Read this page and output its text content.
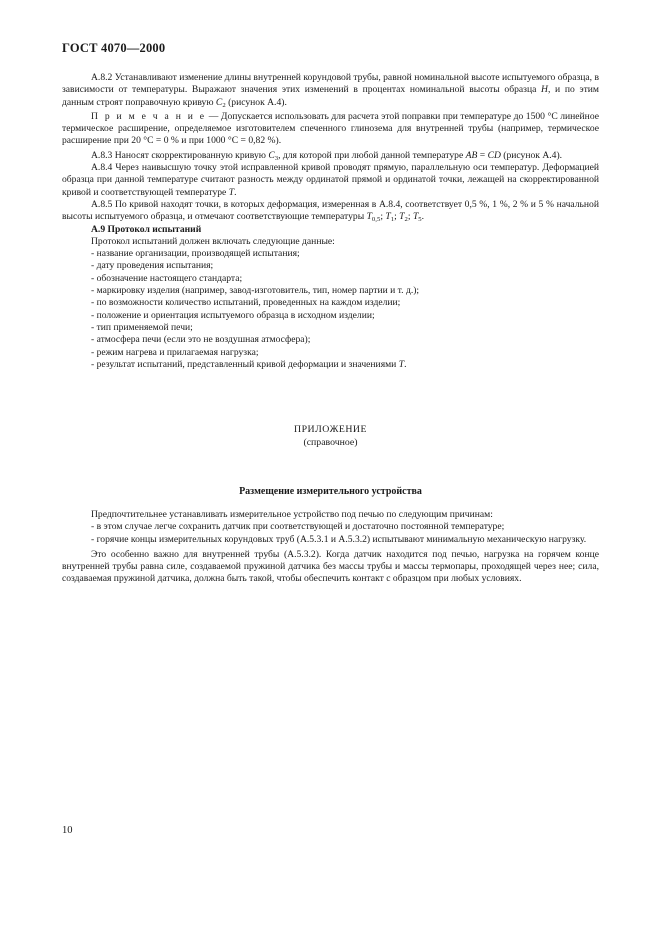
ГОСТ 4070—2000

А.8.2 Устанавливают изменение длины внутренней корундовой трубы, равной номинальной высоте испытуемого образца, в зависимости от температуры. Выражают значения этих изменений в процентах номинальной высоты образца H, и по этим данным строят поправочную кривую $C_2$ (рисунок А.4).

П р и м е ч а н и е — Допускается использовать для расчета этой поправки при температуре до 1500 °С линейное термическое расширение, определяемое изготовителем спеченного глинозема для внутренней трубы (например, термическое расширение при 20 °С = 0 % и при 1000 °С = 0,82 %).

А.8.3 Наносят скорректированную кривую $C_3$, для которой при любой данной температуре AB = CD (рисунок А.4).

А.8.4 Через наивысшую точку этой исправленной кривой проводят прямую, параллельную оси температур. Деформацией образца при данной температуре считают разность между ординатой прямой и ординатой точки, лежащей на скорректированной кривой и соответствующей температуре T.

А.8.5 По кривой находят точки, в которых деформация, измеренная в А.8.4, соответствует 0,5 %, 1 %, 2 % и 5 % начальной высоты испытуемого образца, и отмечают соответствующие температуры $T_{0,5}$; $T_1$; $T_2$; $T_5$.

А.9 Протокол испытаний

Протокол испытаний должен включать следующие данные:

- название организации, производящей испытания;

- дату проведения испытания;

- обозначение настоящего стандарта;

- маркировку изделия (например, завод-изготовитель, тип, номер партии и т. д.);

- по возможности количество испытаний, проведенных на каждом изделии;

- положение и ориентация испытуемого образца в исходном изделии;

- тип применяемой печи;

- атмосфера печи (если это не воздушная атмосфера);

- режим нагрева и прилагаемая нагрузка;

- результат испытаний, представленный кривой деформации и значениями T.

ПРИЛОЖЕНИЕ
(справочное)
Размещение измерительного устройства

Предпочтительнее устанавливать измерительное устройство под печью по следующим причинам:

- в этом случае легче сохранить датчик при соответствующей и достаточно постоянной температуре;

- горячие концы измерительных корундовых труб (А.5.3.1 и А.5.3.2) испытывают минимальную механическую нагрузку.

Это особенно важно для внутренней трубы (А.5.3.2). Когда датчик находится под печью, нагрузка на горячем конце внутренней трубы равна силе, создаваемой пружиной датчика без массы трубы и массы термопары, проходящей через нее; сила, создаваемая пружиной датчика, должна быть такой, чтобы обеспечить контакт с образцом при любых условиях.

10
